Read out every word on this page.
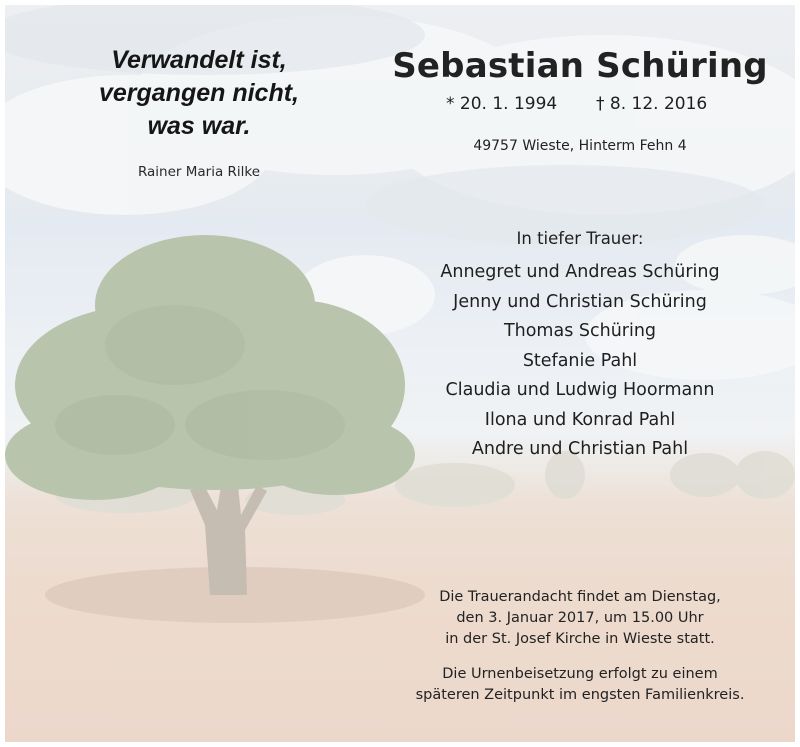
Verwandelt ist,
vergangen nicht,
was war.

Rainer Maria Rilke

Sebastian Schüring

* 20. 1. 1994 † 8. 12. 2016

49757 Wieste, Hinterm Fehn 4

In tiefer Trauer:

Annegret und Andreas Schüring
Jenny und Christian Schüring
Thomas Schüring
Stefanie Pahl
Claudia und Ludwig Hoormann
Ilona und Konrad Pahl
Andre und Christian Pahl
Die Trauerandacht findet am Dienstag,
den 3. Januar 2017, um 15.00 Uhr
in der St. Josef Kirche in Wieste statt.
Die Urnenbeisetzung erfolgt zu einem
späteren Zeitpunkt im engsten Familienkreis.
